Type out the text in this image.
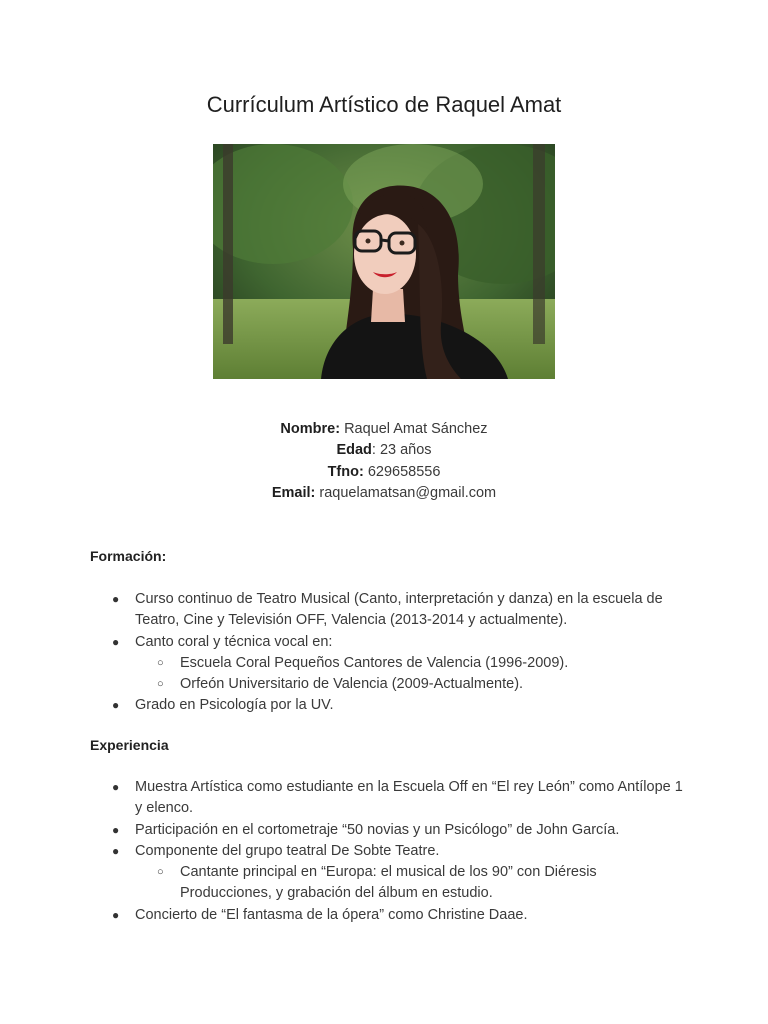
Currículum Artístico de Raquel Amat
Nombre: Raquel Amat Sánchez
Edad: 23 años
Tfno: 629658556
Email: raquelamatsan@gmail.com
Formación:
● Curso continuo de Teatro Musical (Canto, interpretación y danza) en la escuela de Teatro, Cine y Televisión OFF, Valencia (2013-2014 y actualmente).
● Canto coral y técnica vocal en:
○ Escuela Coral Pequeños Cantores de Valencia (1996-2009).
○ Orfeón Universitario de Valencia (2009-Actualmente).
● Grado en Psicología por la UV.
Experiencia
● Muestra Artística como estudiante en la Escuela Off en “El rey León” como Antílope 1 y elenco.
● Participación en el cortometraje “50 novias y un Psicólogo” de John García.
● Componente del grupo teatral De Sobte Teatre.
○ Cantante principal en “Europa: el musical de los 90” con Diéresis Producciones, y grabación del álbum en estudio.
● Concierto de “El fantasma de la ópera” como Christine Daae.
